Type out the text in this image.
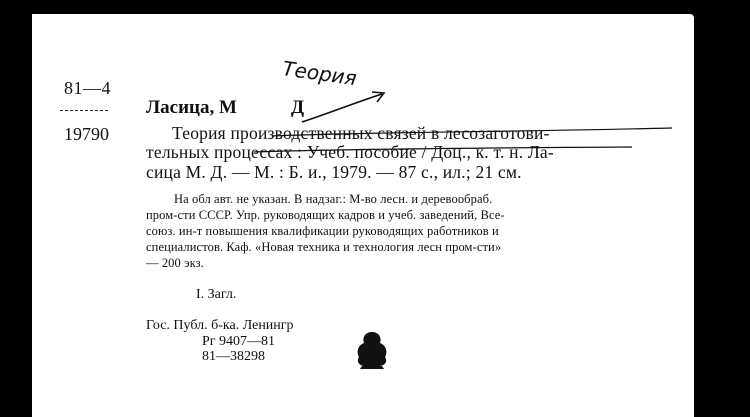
81—4
19790
Ласица, М	Д
Теория
Теория производственных связей в лесозаготови-
тельных процессах : Учеб. пособие / Доц., к. т. н. Ла-
сица М. Д. — М. : Б. и., 1979. — 87 с., ил.; 21 см.
На обл авт. не указан. В надзаг.: М-во лесн. и деревообраб.
пром-сти СССР. Упр. руководящих кадров и учеб. заведений, Все-
союз. ин-т повышения квалификации руководящих работников и
специалистов. Каф. «Новая техника и технология лесн пром-сти»
— 200 экз.
I. Загл.
Гос. Публ. б-ка. Ленингр
Рг 9407—81
81—38298
